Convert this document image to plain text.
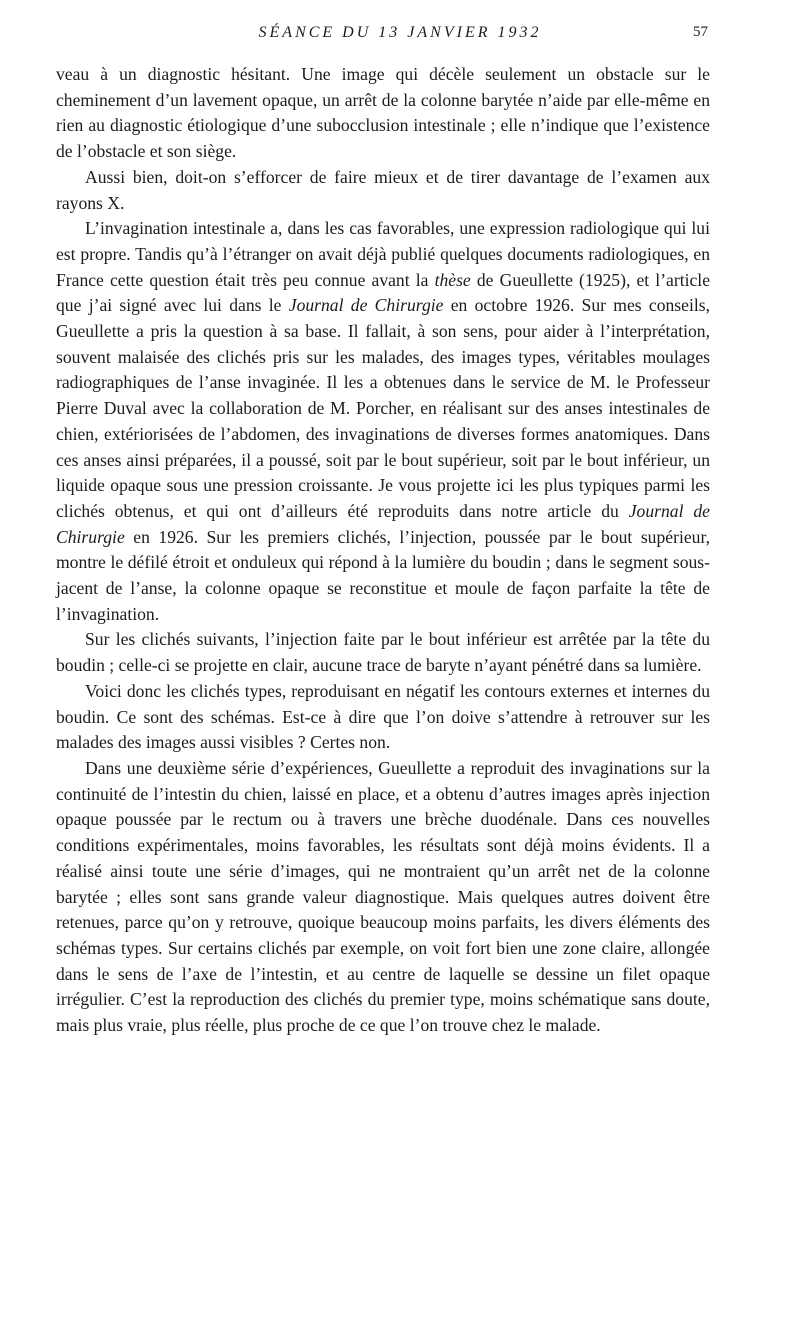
SÉANCE DU 13 JANVIER 1932	57

veau à un diagnostic hésitant. Une image qui décèle seulement un obstacle sur le cheminement d’un lavement opaque, un arrêt de la colonne barytée n’aide par elle-même en rien au diagnostic étiologique d’une subocclusion intestinale ; elle n’indique que l’existence de l’obstacle et son siège.

Aussi bien, doit-on s’efforcer de faire mieux et de tirer davantage de l’examen aux rayons X.

L’invagination intestinale a, dans les cas favorables, une expression radiologique qui lui est propre. Tandis qu’à l’étranger on avait déjà publié quelques documents radiologiques, en France cette question était très peu connue avant la thèse de Gueullette (1925), et l’article que j’ai signé avec lui dans le Journal de Chirurgie en octobre 1926. Sur mes conseils, Gueullette a pris la question à sa base. Il fallait, à son sens, pour aider à l’interprétation, souvent malaisée des clichés pris sur les malades, des images types, véritables moulages radiographiques de l’anse invaginée. Il les a obtenues dans le service de M. le Professeur Pierre Duval avec la collaboration de M. Porcher, en réalisant sur des anses intestinales de chien, extériorisées de l’abdomen, des invaginations de diverses formes anatomiques. Dans ces anses ainsi préparées, il a poussé, soit par le bout supérieur, soit par le bout inférieur, un liquide opaque sous une pression croissante. Je vous projette ici les plus typiques parmi les clichés obtenus, et qui ont d’ailleurs été reproduits dans notre article du Journal de Chirurgie en 1926. Sur les premiers clichés, l’injection, poussée par le bout supérieur, montre le défilé étroit et onduleux qui répond à la lumière du boudin ; dans le segment sous-jacent de l’anse, la colonne opaque se reconstitue et moule de façon parfaite la tête de l’invagination.

Sur les clichés suivants, l’injection faite par le bout inférieur est arrêtée par la tête du boudin ; celle-ci se projette en clair, aucune trace de baryte n’ayant pénétré dans sa lumière.

Voici donc les clichés types, reproduisant en négatif les contours externes et internes du boudin. Ce sont des schémas. Est-ce à dire que l’on doive s’attendre à retrouver sur les malades des images aussi visibles ? Certes non.

Dans une deuxième série d’expériences, Gueullette a reproduit des invaginations sur la continuité de l’intestin du chien, laissé en place, et a obtenu d’autres images après injection opaque poussée par le rectum ou à travers une brèche duodénale. Dans ces nouvelles conditions expérimentales, moins favorables, les résultats sont déjà moins évidents. Il a réalisé ainsi toute une série d’images, qui ne montraient qu’un arrêt net de la colonne barytée ; elles sont sans grande valeur diagnostique. Mais quelques autres doivent être retenues, parce qu’on y retrouve, quoique beaucoup moins parfaits, les divers éléments des schémas types. Sur certains clichés par exemple, on voit fort bien une zone claire, allongée dans le sens de l’axe de l’intestin, et au centre de laquelle se dessine un filet opaque irrégulier. C’est la reproduction des clichés du premier type, moins schématique sans doute, mais plus vraie, plus réelle, plus proche de ce que l’on trouve chez le malade.
